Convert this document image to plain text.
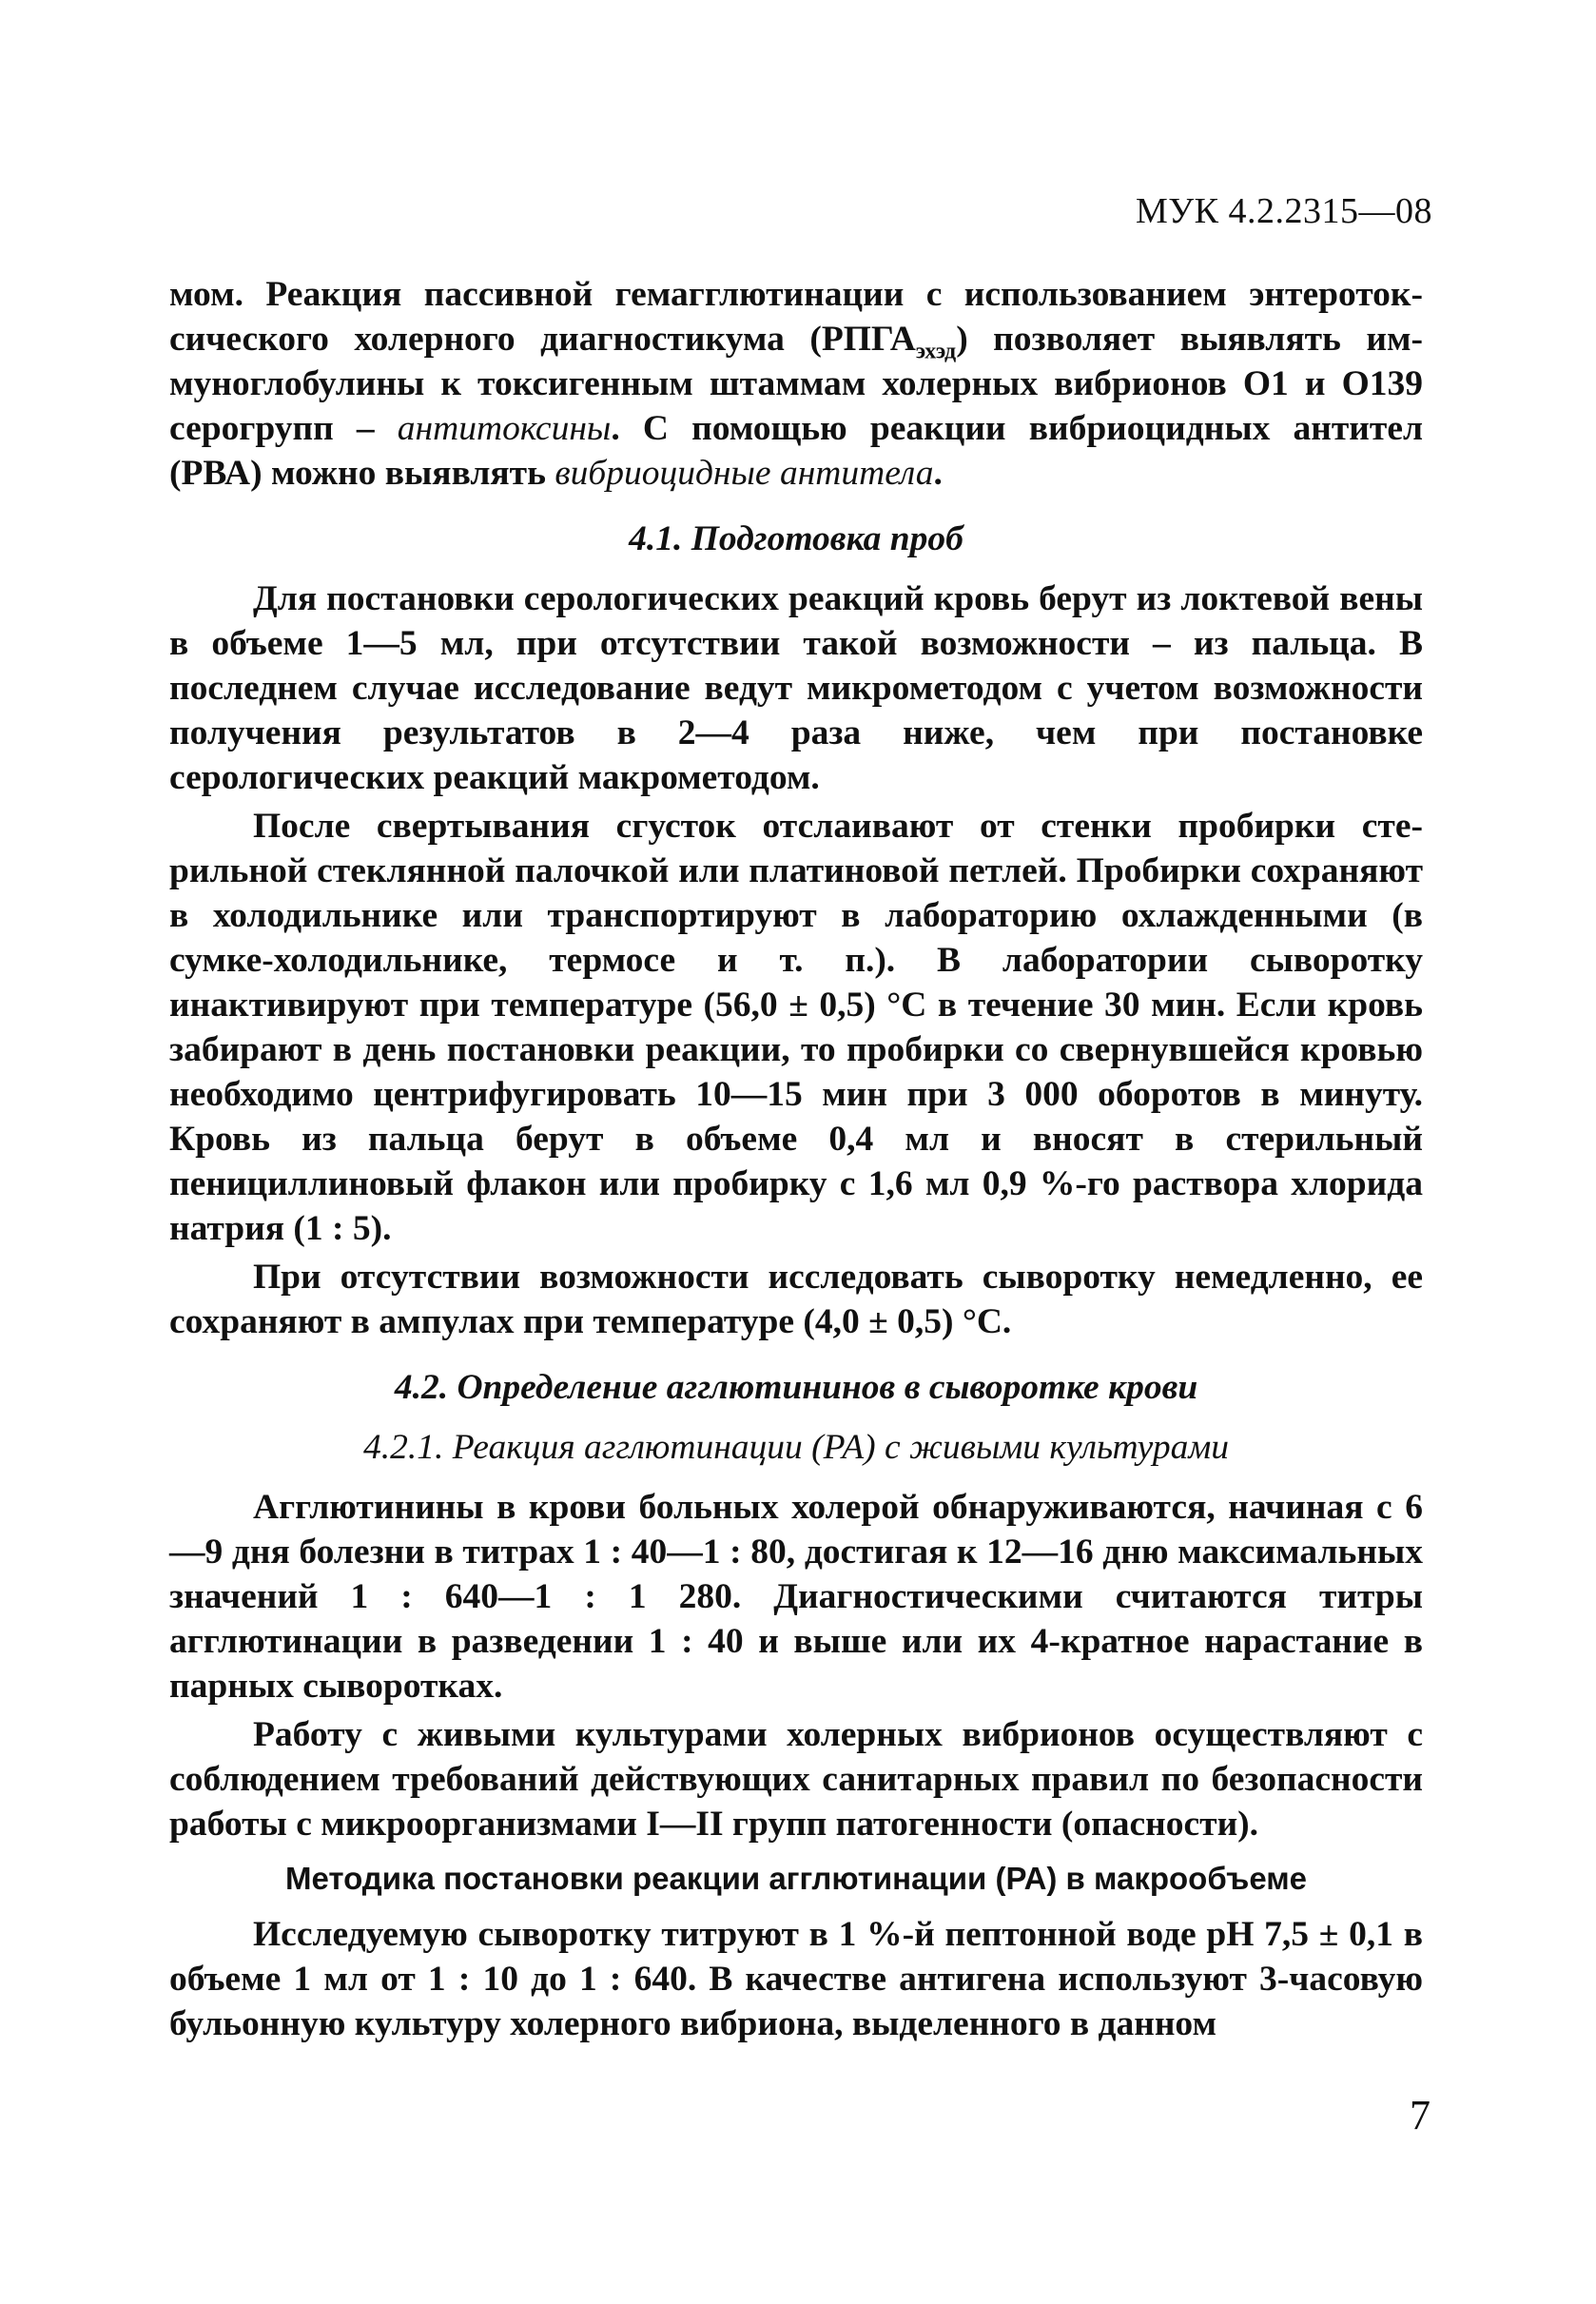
МУК 4.2.2315—08

мом. Реакция пассивной гемагглютинации с использованием энтеротоксического холерного диагностикума $(РПГА_{эхэд})$ позволяет выявлять иммуноглобулины к токсигенным штаммам холерных вибрионов О1 и О139 серогрупп – антитоксины. С помощью реакции вибриоцидных антител (РВА) можно выявлять вибриоцидные антитела.

4.1. Подготовка проб

Для постановки серологических реакций кровь берут из локтевой вены в объеме 1—5 мл, при отсутствии такой возможности – из пальца. В последнем случае исследование ведут микрометодом с учетом возможности получения результатов в 2—4 раза ниже, чем при постановке серологических реакций макрометодом.

После свертывания сгусток отслаивают от стенки пробирки стерильной стеклянной палочкой или платиновой петлей. Пробирки сохраняют в холодильнике или транспортируют в лабораторию охлажденными (в сумке-холодильнике, термосе и т. п.). В лаборатории сыворотку инактивируют при температуре (56,0 ± 0,5) °С в течение 30 мин. Если кровь забирают в день постановки реакции, то пробирки со свернувшейся кровью необходимо центрифугировать 10—15 мин при 3 000 оборотов в минуту. Кровь из пальца берут в объеме 0,4 мл и вносят в стерильный пенициллиновый флакон или пробирку с 1,6 мл 0,9 %-го раствора хлорида натрия (1 : 5).

При отсутствии возможности исследовать сыворотку немедленно, ее сохраняют в ампулах при температуре (4,0 ± 0,5) °С.

4.2. Определение агглютининов в сыворотке крови
4.2.1. Реакция агглютинации (РА) с живыми культурами

Агглютинины в крови больных холерой обнаруживаются, начиная с 6—9 дня болезни в титрах 1 : 40—1 : 80, достигая к 12—16 дню максимальных значений 1 : 640—1 : 1 280. Диагностическими считаются титры агглютинации в разведении 1 : 40 и выше или их 4-кратное нарастание в парных сыворотках.

Работу с живыми культурами холерных вибрионов осуществляют с соблюдением требований действующих санитарных правил по безопасности работы с микроорганизмами I—II групп патогенности (опасности).

Методика постановки реакции агглютинации (РА) в макрообъеме

Исследуемую сыворотку титруют в 1 %-й пептонной воде рН 7,5 ± 0,1 в объеме 1 мл от 1 : 10 до 1 : 640. В качестве антигена используют 3-часовую бульонную культуру холерного вибриона, выделенного в данном

7
